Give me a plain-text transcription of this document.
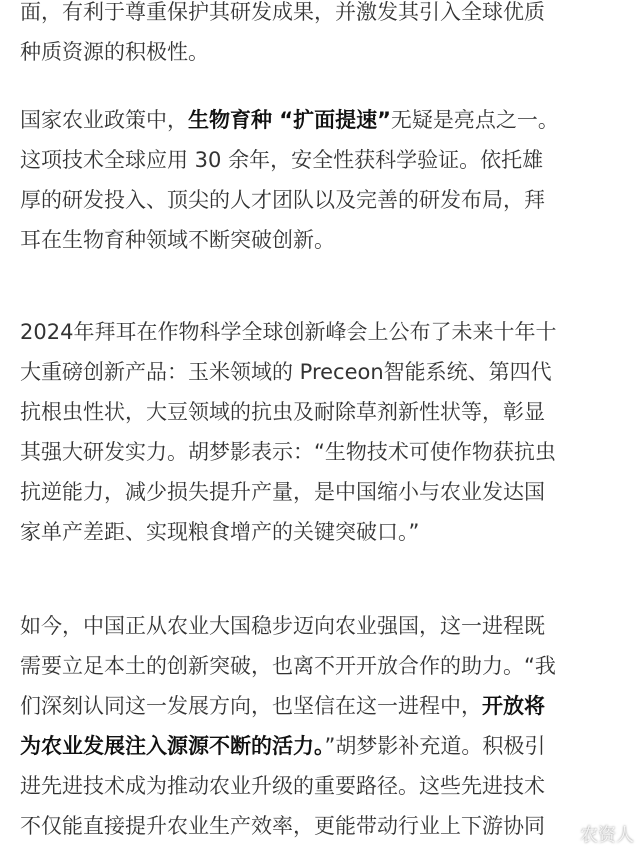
面，有利于尊重保护其研发成果，并激发其引入全球优质
种质资源的积极性。
国家农业政策中，生物育种 “扩面提速”无疑是亮点之一。
这项技术全球应用 30 余年，安全性获科学验证。依托雄
厚的研发投入、顶尖的人才团队以及完善的研发布局，拜
耳在生物育种领域不断突破创新。
2024年拜耳在作物科学全球创新峰会上公布了未来十年十
大重磅创新产品：玉米领域的 Preceon智能系统、第四代
抗根虫性状，大豆领域的抗虫及耐除草剂新性状等，彰显
其强大研发实力。胡梦影表示：“生物技术可使作物获抗虫
抗逆能力，减少损失提升产量，是中国缩小与农业发达国
家单产差距、实现粮食增产的关键突破口。”
如今，中国正从农业大国稳步迈向农业强国，这一进程既
需要立足本土的创新突破，也离不开开放合作的助力。“我
们深刻认同这一发展方向，也坚信在这一进程中，开放将
为农业发展注入源源不断的活力。”胡梦影补充道。积极引
进先进技术成为推动农业升级的重要路径。这些先进技术
不仅能直接提升农业生产效率，更能带动行业上下游协同	农资人
